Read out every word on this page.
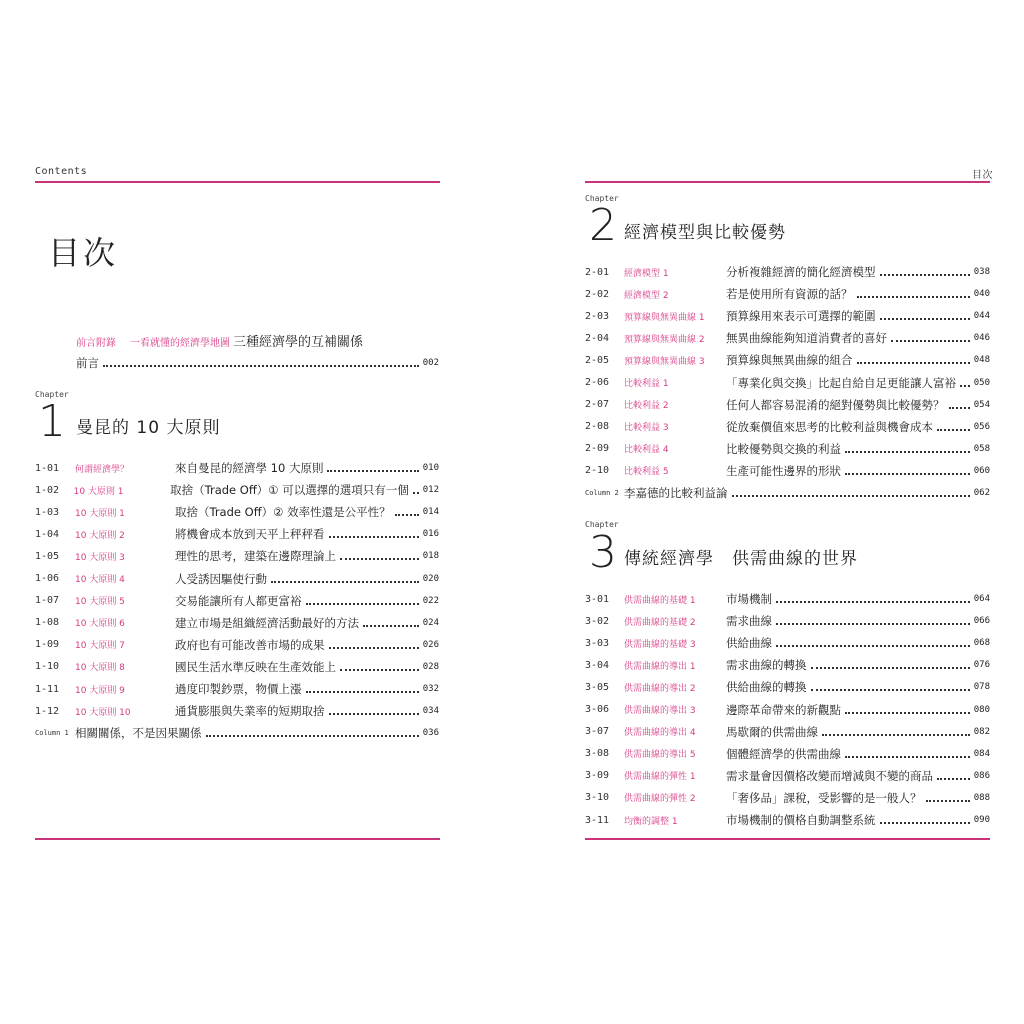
Contents
目次
前言附錄 一看就懂的經濟學地圖 三種經濟學的互補關係
前言	002
Chapter
1 曼昆的 10 大原則
1-01	何謂經濟學？	來自曼昆的經濟學 10 大原則	010
1-02	10 大原則 1	取捨（Trade Off）① 可以選擇的選項只有一個 012
1-03	10 大原則 1	取捨（Trade Off）② 效率性還是公平性？	014
1-04	10 大原則 2	將機會成本放到天平上秤秤看	016
1-05	10 大原則 3	理性的思考，建築在邊際理論上	018
1-06	10 大原則 4	人受誘因驅使行動	020
1-07	10 大原則 5	交易能讓所有人都更富裕	022
1-08	10 大原則 6	建立市場是組織經濟活動最好的方法	024
1-09	10 大原則 7	政府也有可能改善市場的成果	026
1-10	10 大原則 8	國民生活水準反映在生產效能上	028
1-11	10 大原則 9	過度印製鈔票，物價上漲	032
1-12	10 大原則 10	通貨膨脹與失業率的短期取捨	034
Column 1 相關關係，不是因果關係	036
目次
Chapter
2 經濟模型與比較優勢
2-01	經濟模型 1	分析複雜經濟的簡化經濟模型	038
2-02	經濟模型 2	若是使用所有資源的話？	040
2-03	預算線與無異曲線 1	預算線用來表示可選擇的範圍	044
2-04	預算線與無異曲線 2	無異曲線能夠知道消費者的喜好	046
2-05	預算線與無異曲線 3	預算線與無異曲線的組合	048
2-06	比較利益 1	「專業化與交換」比起自給自足更能讓人富裕 050
2-07	比較利益 2	任何人都容易混淆的絕對優勢與比較優勢？	054
2-08	比較利益 3	從放棄價值來思考的比較利益與機會成本	056
2-09	比較利益 4	比較優勢與交換的利益	058
2-10	比較利益 5	生產可能性邊界的形狀	060
Column 2 李嘉德的比較利益論	062
Chapter
3 傳統經濟學　供需曲線的世界
3-01	供需曲線的基礎 1	市場機制	064
3-02	供需曲線的基礎 2	需求曲線	066
3-03	供需曲線的基礎 3	供給曲線	068
3-04	供需曲線的導出 1	需求曲線的轉換	076
3-05	供需曲線的導出 2	供給曲線的轉換	078
3-06	供需曲線的導出 3	邊際革命帶來的新觀點	080
3-07	供需曲線的導出 4	馬歇爾的供需曲線	082
3-08	供需曲線的導出 5	個體經濟學的供需曲線	084
3-09	供需曲線的彈性 1	需求量會因價格改變而增減與不變的商品	086
3-10	供需曲線的彈性 2	「奢侈品」課稅，受影響的是一般人？	088
3-11	均衡的調整 1	市場機制的價格自動調整系統	090
